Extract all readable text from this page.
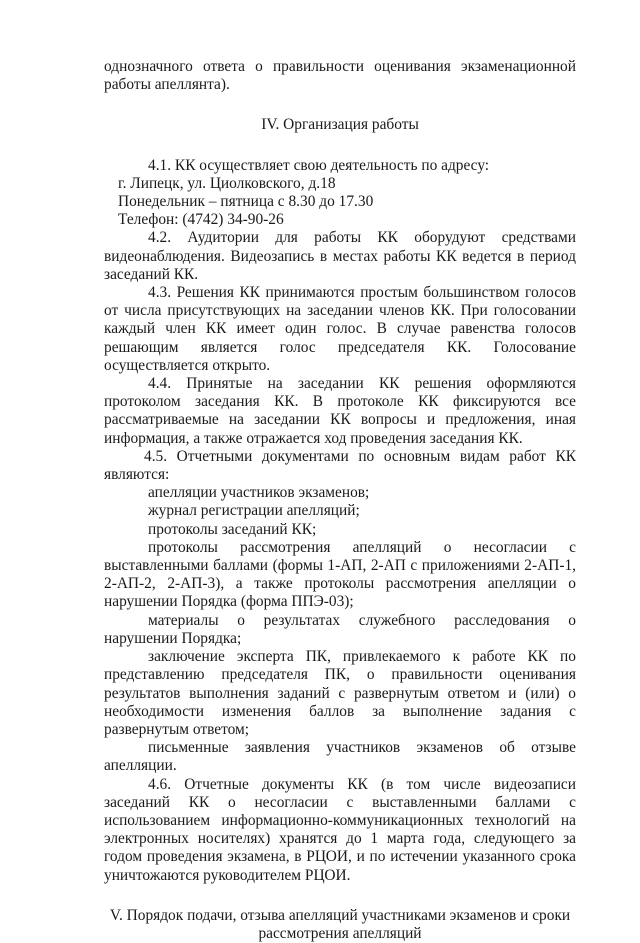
однозначного ответа о правильности оценивания экзаменационной работы апеллянта).

IV. Организация работы

4.1. КК осуществляет свою деятельность по адресу:

г. Липецк, ул. Циолковского, д.18

Понедельник – пятница с 8.30 до 17.30

Телефон: (4742) 34-90-26

4.2. Аудитории для работы КК оборудуют средствами видеонаблюдения. Видеозапись в местах работы КК ведется в период заседаний КК.

4.3. Решения КК принимаются простым большинством голосов от числа присутствующих на заседании членов КК. При голосовании каждый член КК имеет один голос. В случае равенства голосов решающим является голос председателя КК. Голосование осуществляется открыто.

4.4. Принятые на заседании КК решения оформляются протоколом заседания КК. В протоколе КК фиксируются все рассматриваемые на заседании КК вопросы и предложения, иная информация, а также отражается ход проведения заседания КК.

4.5. Отчетными документами по основным видам работ КК являются:

апелляции участников экзаменов;

журнал регистрации апелляций;

протоколы заседаний КК;

протоколы рассмотрения апелляций о несогласии с выставленными баллами (формы 1-АП, 2-АП с приложениями 2-АП-1, 2-АП-2, 2-АП-3), а также протоколы рассмотрения апелляции о нарушении Порядка (форма ППЭ-03);

материалы о результатах служебного расследования о нарушении Порядка;

заключение эксперта ПК, привлекаемого к работе КК по представлению председателя ПК, о правильности оценивания результатов выполнения заданий с развернутым ответом и (или) о необходимости изменения баллов за выполнение задания с развернутым ответом;

письменные заявления участников экзаменов об отзыве апелляции.

4.6. Отчетные документы КК (в том числе видеозаписи заседаний КК о несогласии с выставленными баллами с использованием информационно-коммуникационных технологий на электронных носителях) хранятся до 1 марта года, следующего за годом проведения экзамена, в РЦОИ, и по истечении указанного срока уничтожаются руководителем РЦОИ.

V. Порядок подачи, отзыва апелляций участниками экзаменов и сроки

рассмотрения апелляций
